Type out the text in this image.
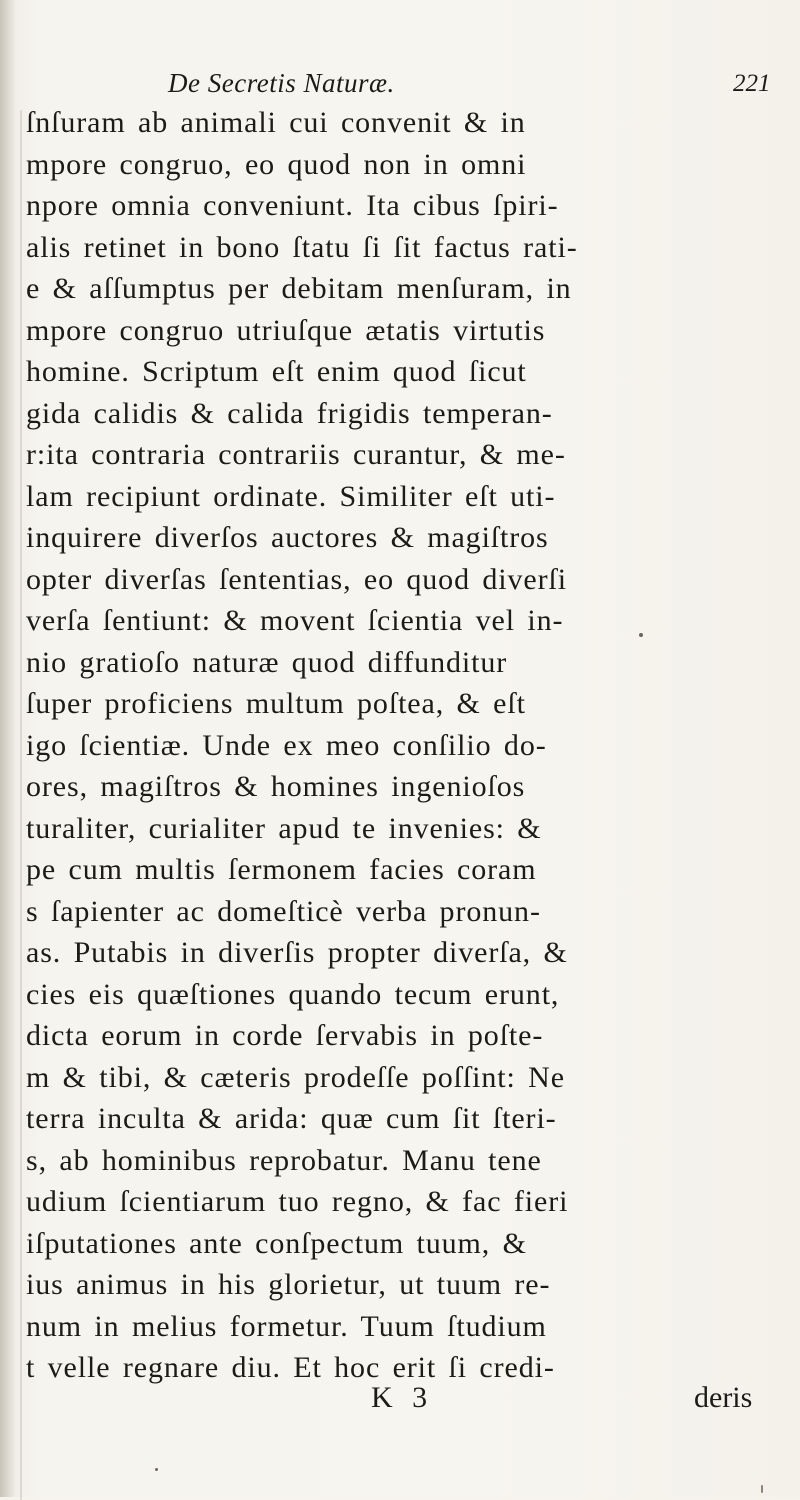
De Secretis Naturæ.	221
ſnſuram ab animali cui convenit & in
mpore congruo, eo quod non in omni
npore omnia conveniunt. Ita cibus ſpiri-
alis retinet in bono ſtatu ſi ſit factus rati-
e & aſſumptus per debitam menſuram, in
mpore congruo utriuſque ætatis virtutis
homine. Scriptum eſt enim quod ſicut
gida calidis & calida frigidis temperan-
r:ita contraria contrariis curantur, & me-
lam recipiunt ordinate. Similiter eſt uti-
inquirere diverſos auctores & magiſtros
opter diverſas ſententias, eo quod diverſi
verſa ſentiunt: & movent ſcientia vel in-
nio gratioſo naturæ quod diffunditur
ſuper proficiens multum poſtea, & eſt
igo ſcientiæ. Unde ex meo conſilio do-
ores, magiſtros & homines ingenioſos
turaliter, curialiter apud te invenies: &
pe cum multis ſermonem facies coram
s ſapienter ac domeſticè verba pronun-
as. Putabis in diverſis propter diverſa, &
cies eis quæſtiones quando tecum erunt,
dicta eorum in corde ſervabis in poſte-
m & tibi, & cæteris prodeſſe poſſint: Ne
terra inculta & arida: quæ cum ſit ſteri-
s, ab hominibus reprobatur. Manu tene
udium ſcientiarum tuo regno, & fac fieri
iſputationes ante conſpectum tuum, &
ius animus in his glorietur, ut tuum re-
num in melius formetur. Tuum ſtudium
t velle regnare diu. Et hoc erit ſi credi-
K 3	deris
